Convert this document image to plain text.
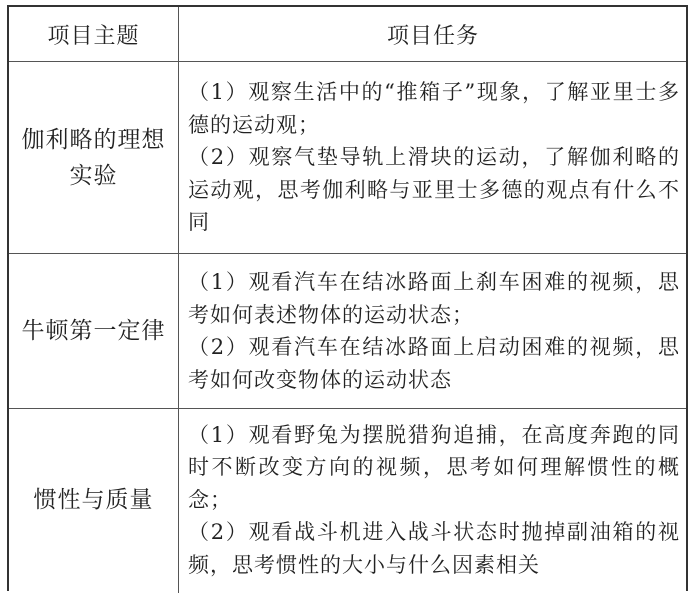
项目主题	项目任务
伽利略的理想实验
（1）观察生活中的“推箱子”现象，了解亚里士多德的运动观；
（2）观察气垫导轨上滑块的运动，了解伽利略的运动观，思考伽利略与亚里士多德的观点有什么不同
牛顿第一定律
（1）观看汽车在结冰路面上刹车困难的视频，思考如何表述物体的运动状态；
（2）观看汽车在结冰路面上启动困难的视频，思考如何改变物体的运动状态
惯性与质量
（1）观看野兔为摆脱猎狗追捕，在高度奔跑的同时不断改变方向的视频，思考如何理解惯性的概念；
（2）观看战斗机进入战斗状态时抛掉副油箱的视频，思考惯性的大小与什么因素相关
